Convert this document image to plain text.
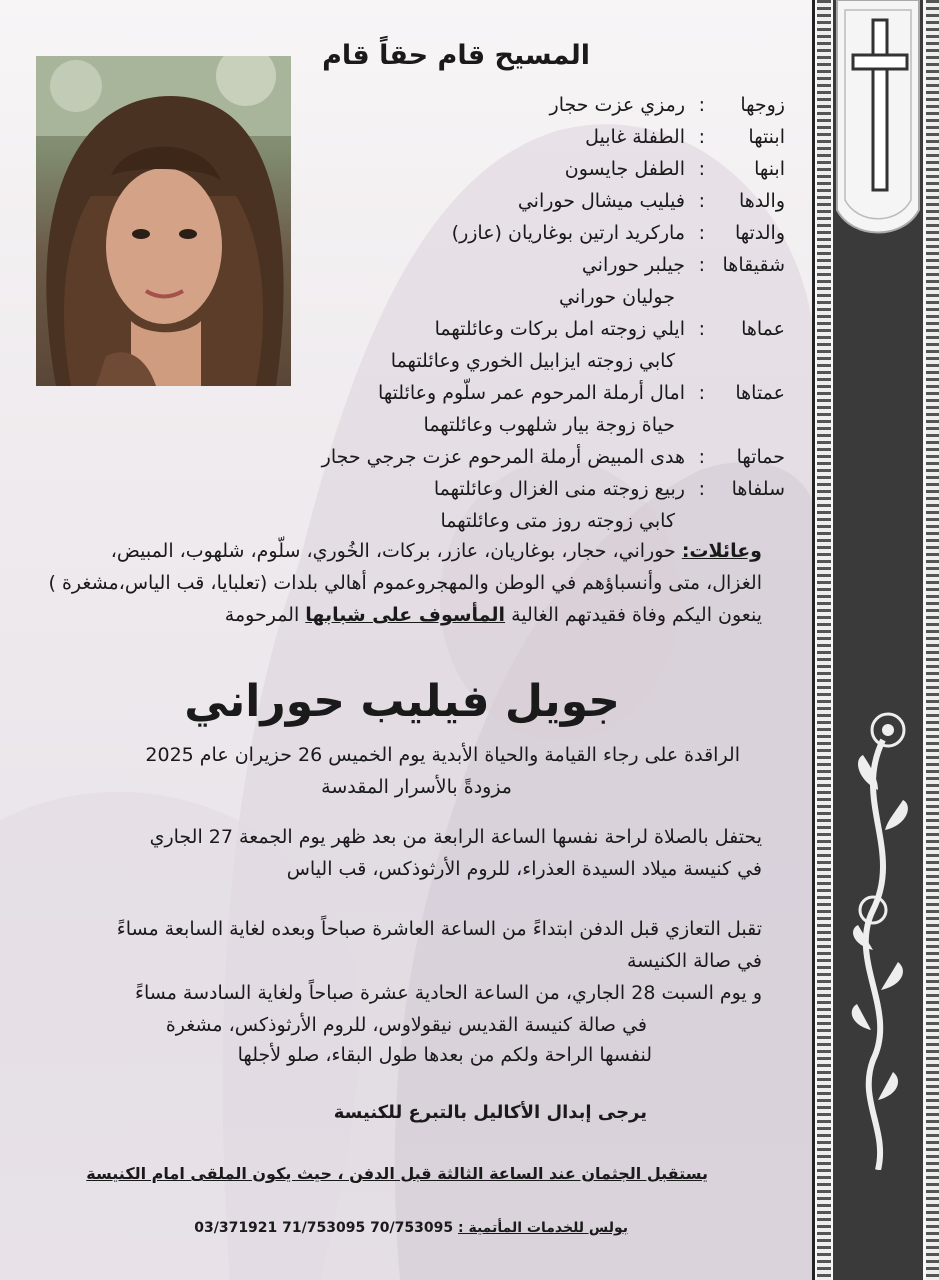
المسيح قام حقاً قام
زوجها
:
رمزي عزت حجار
ابنتها
:
الطفلة غابيل
ابنها
:
الطفل جايسون
والدها
:
فيليب ميشال حوراني
والدتها
:
ماركريد ارتين بوغاريان (عازر)
شقيقاها
:
جيلبر حوراني
جوليان حوراني
عماها
:
ايلي زوجته امل بركات وعائلتهما
كابي زوجته ايزابيل الخوري وعائلتهما
عمتاها
:
امال أرملة المرحوم عمر سلّوم وعائلتها
حياة زوجة بيار شلهوب وعائلتهما
حماتها
:
هدى المبيض أرملة المرحوم عزت جرجي حجار
سلفاها
:
ربيع زوجته منى الغزال وعائلتهما
كابي زوجته روز متى وعائلتهما
وعائلات: حوراني، حجار، بوغاريان، عازر، بركات، الخُوري، سلّوم، شلهوب، المبيض،
الغزال، متى وأنسباؤهم في الوطن والمهجروعموم أهالي بلدات (تعلبايا، قب الياس،مشغرة )
ينعون اليكم وفاة فقيدتهم الغالية المأسوف على شبابها المرحومة
جويل فيليب حوراني
الراقدة على رجاء القيامة والحياة الأبدية يوم الخميس 26 حزيران عام 2025
مزودةً بالأسرار المقدسة
يحتفل بالصلاة لراحة نفسها الساعة الرابعة من بعد ظهر يوم الجمعة 27 الجاري
في كنيسة ميلاد السيدة العذراء، للروم الأرثوذكس، قب الياس
تقبل التعازي قبل الدفن ابتداءً من الساعة العاشرة صباحاً وبعده لغاية السابعة مساءً
في صالة الكنيسة
و يوم السبت 28 الجاري، من الساعة الحادية عشرة صباحاً ولغاية السادسة مساءً
في صالة كنيسة القديس نيقولاوس، للروم الأرثوذكس، مشغرة
لنفسها الراحة ولكم من بعدها طول البقاء، صلو لأجلها
يرجى إبدال الأكاليل بالتبرع للكنيسة
يستقبل الجثمان عند الساعة الثالثة قبل الدفن ، حيث يكون الملقى امام الكنيسة
بولس للخدمات المأتمية : 03/371921 71/753095 70/753095
